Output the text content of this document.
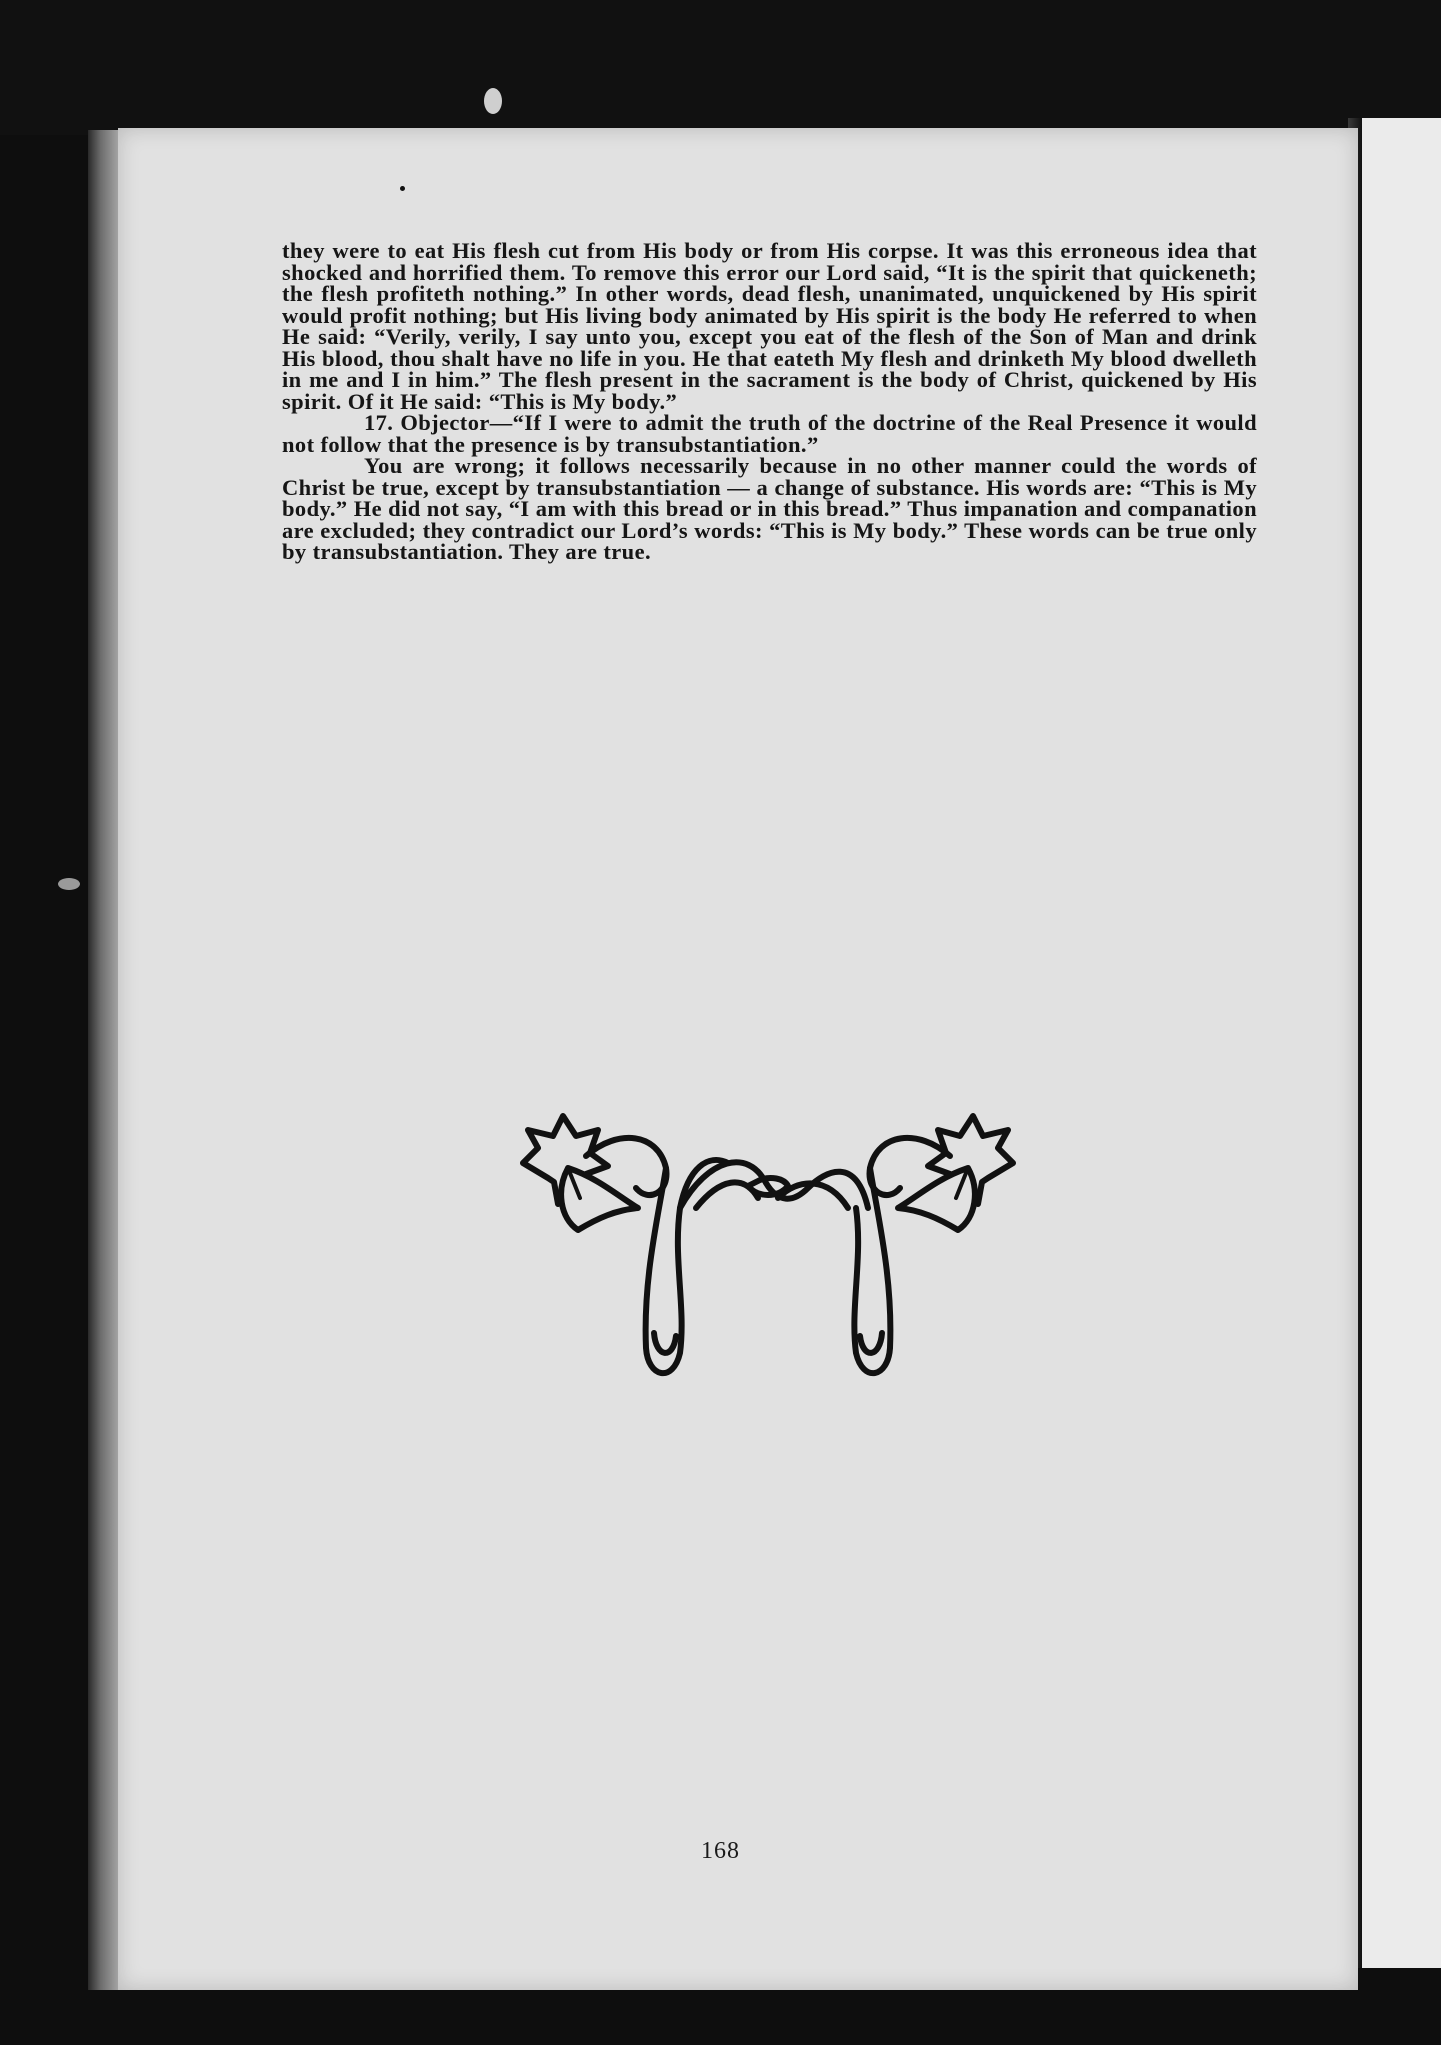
they were to eat His flesh cut from His body or from His corpse. It was this erroneous idea that shocked and horrified them. To remove this error our Lord said, “It is the spirit that quickeneth; the flesh profiteth nothing.” In other words, dead flesh, unanimated, unquickened by His spirit would profit nothing; but His living body animated by His spirit is the body He referred to when He said: “Verily, verily, I say unto you, except you eat of the flesh of the Son of Man and drink His blood, thou shalt have no life in you. He that eateth My flesh and drinketh My blood dwelleth in me and I in him.” The flesh present in the sacrament is the body of Christ, quickened by His spirit. Of it He said: “This is My body.”

17. Objector—“If I were to admit the truth of the doctrine of the Real Presence it would not follow that the presence is by transubstantiation.”

You are wrong; it follows necessarily because in no other manner could the words of Christ be true, except by transubstantiation — a change of substance. His words are: “This is My body.” He did not say, “I am with this bread or in this bread.” Thus impanation and companation are excluded; they contradict our Lord’s words: “This is My body.” These words can be true only by transubstantiation. They are true.

168
